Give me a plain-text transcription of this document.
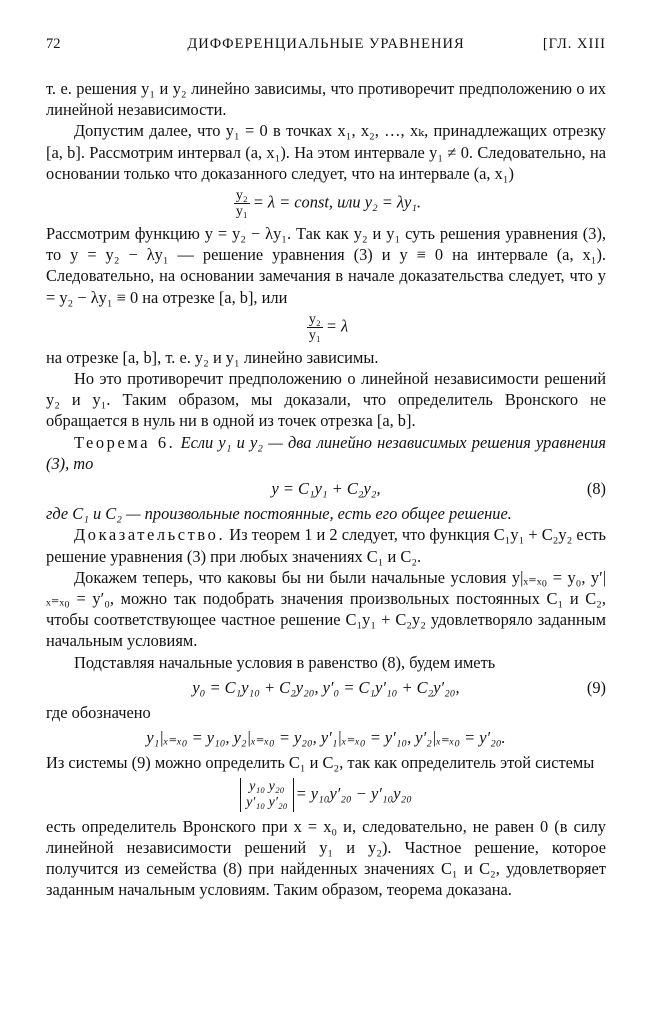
72	ДИФФЕРЕНЦИАЛЬНЫЕ УРАВНЕНИЯ	[ГЛ. XIII

т. е. решения y₁ и y₂ линейно зависимы, что противоречит предположению о их линейной независимости.

Допустим далее, что y₁ = 0 в точках x₁, x₂, …, xₖ, принадлежащих отрезку [a, b]. Рассмотрим интервал (a, x₁). На этом интервале y₁ ≠ 0. Следовательно, на основании только что доказанного следует, что на интервале (a, x₁)

$\frac{\text{y₂}}{\text{y₁}} = \lambda$ = const, или y₂ = λy₁.

Рассмотрим функцию y = y₂ − λy₁. Так как y₂ и y₁ суть решения уравнения (3), то y = y₂ − λy₁ — решение уравнения (3) и y ≡ 0 на интервале (a, x₁). Следовательно, на основании замечания в начале доказательства следует, что y = y₂ − λy₁ ≡ 0 на отрезке [a, b], или

$\frac{\text{y₂}}{\text{y₁}} = \lambda$

на отрезке [a, b], т. е. y₂ и y₁ линейно зависимы.

Но это противоречит предположению о линейной независимости решений y₂ и y₁. Таким образом, мы доказали, что определитель Вронского не обращается в нуль ни в одной из точек отрезка [a, b].

Теорема 6. Если y₁ и y₂ — два линейно независимых решения уравнения (3), то

y = C₁y₁ + C₂y₂,	(8)

где C₁ и C₂ — произвольные постоянные, есть его общее решение.

Доказательство. Из теорем 1 и 2 следует, что функция C₁y₁ + C₂y₂ есть решение уравнения (3) при любых значениях C₁ и C₂.

Докажем теперь, что каковы бы ни были начальные условия y|ₓ₌ₓ₀ = y₀, y′|ₓ₌ₓ₀ = y′₀, можно так подобрать значения произвольных постоянных C₁ и C₂, чтобы соответствующее частное решение C₁y₁ + C₂y₂ удовлетворяло заданным начальным условиям.

Подставляя начальные условия в равенство (8), будем иметь

y₀ = C₁y₁₀ + C₂y₂₀, y′₀ = C₁y′₁₀ + C₂y′₂₀,	(9)

где обозначено

y₁|ₓ₌ₓ₀ = y₁₀, y₂|ₓ₌ₓ₀ = y₂₀, y′₁|ₓ₌ₓ₀ = y′₁₀, y′₂|ₓ₌ₓ₀ = y′₂₀.

Из системы (9) можно определить C₁ и C₂, так как определитель этой системы

y₁₀ y₂₀
y′₁₀ y′₂₀ = y₁₀y′₂₀ − y′₁₀y₂₀

есть определитель Вронского при x = x₀ и, следовательно, не равен 0 (в силу линейной независимости решений y₁ и y₂). Частное решение, которое получится из семейства (8) при найденных значениях C₁ и C₂, удовлетворяет заданным начальным условиям. Таким образом, теорема доказана.
